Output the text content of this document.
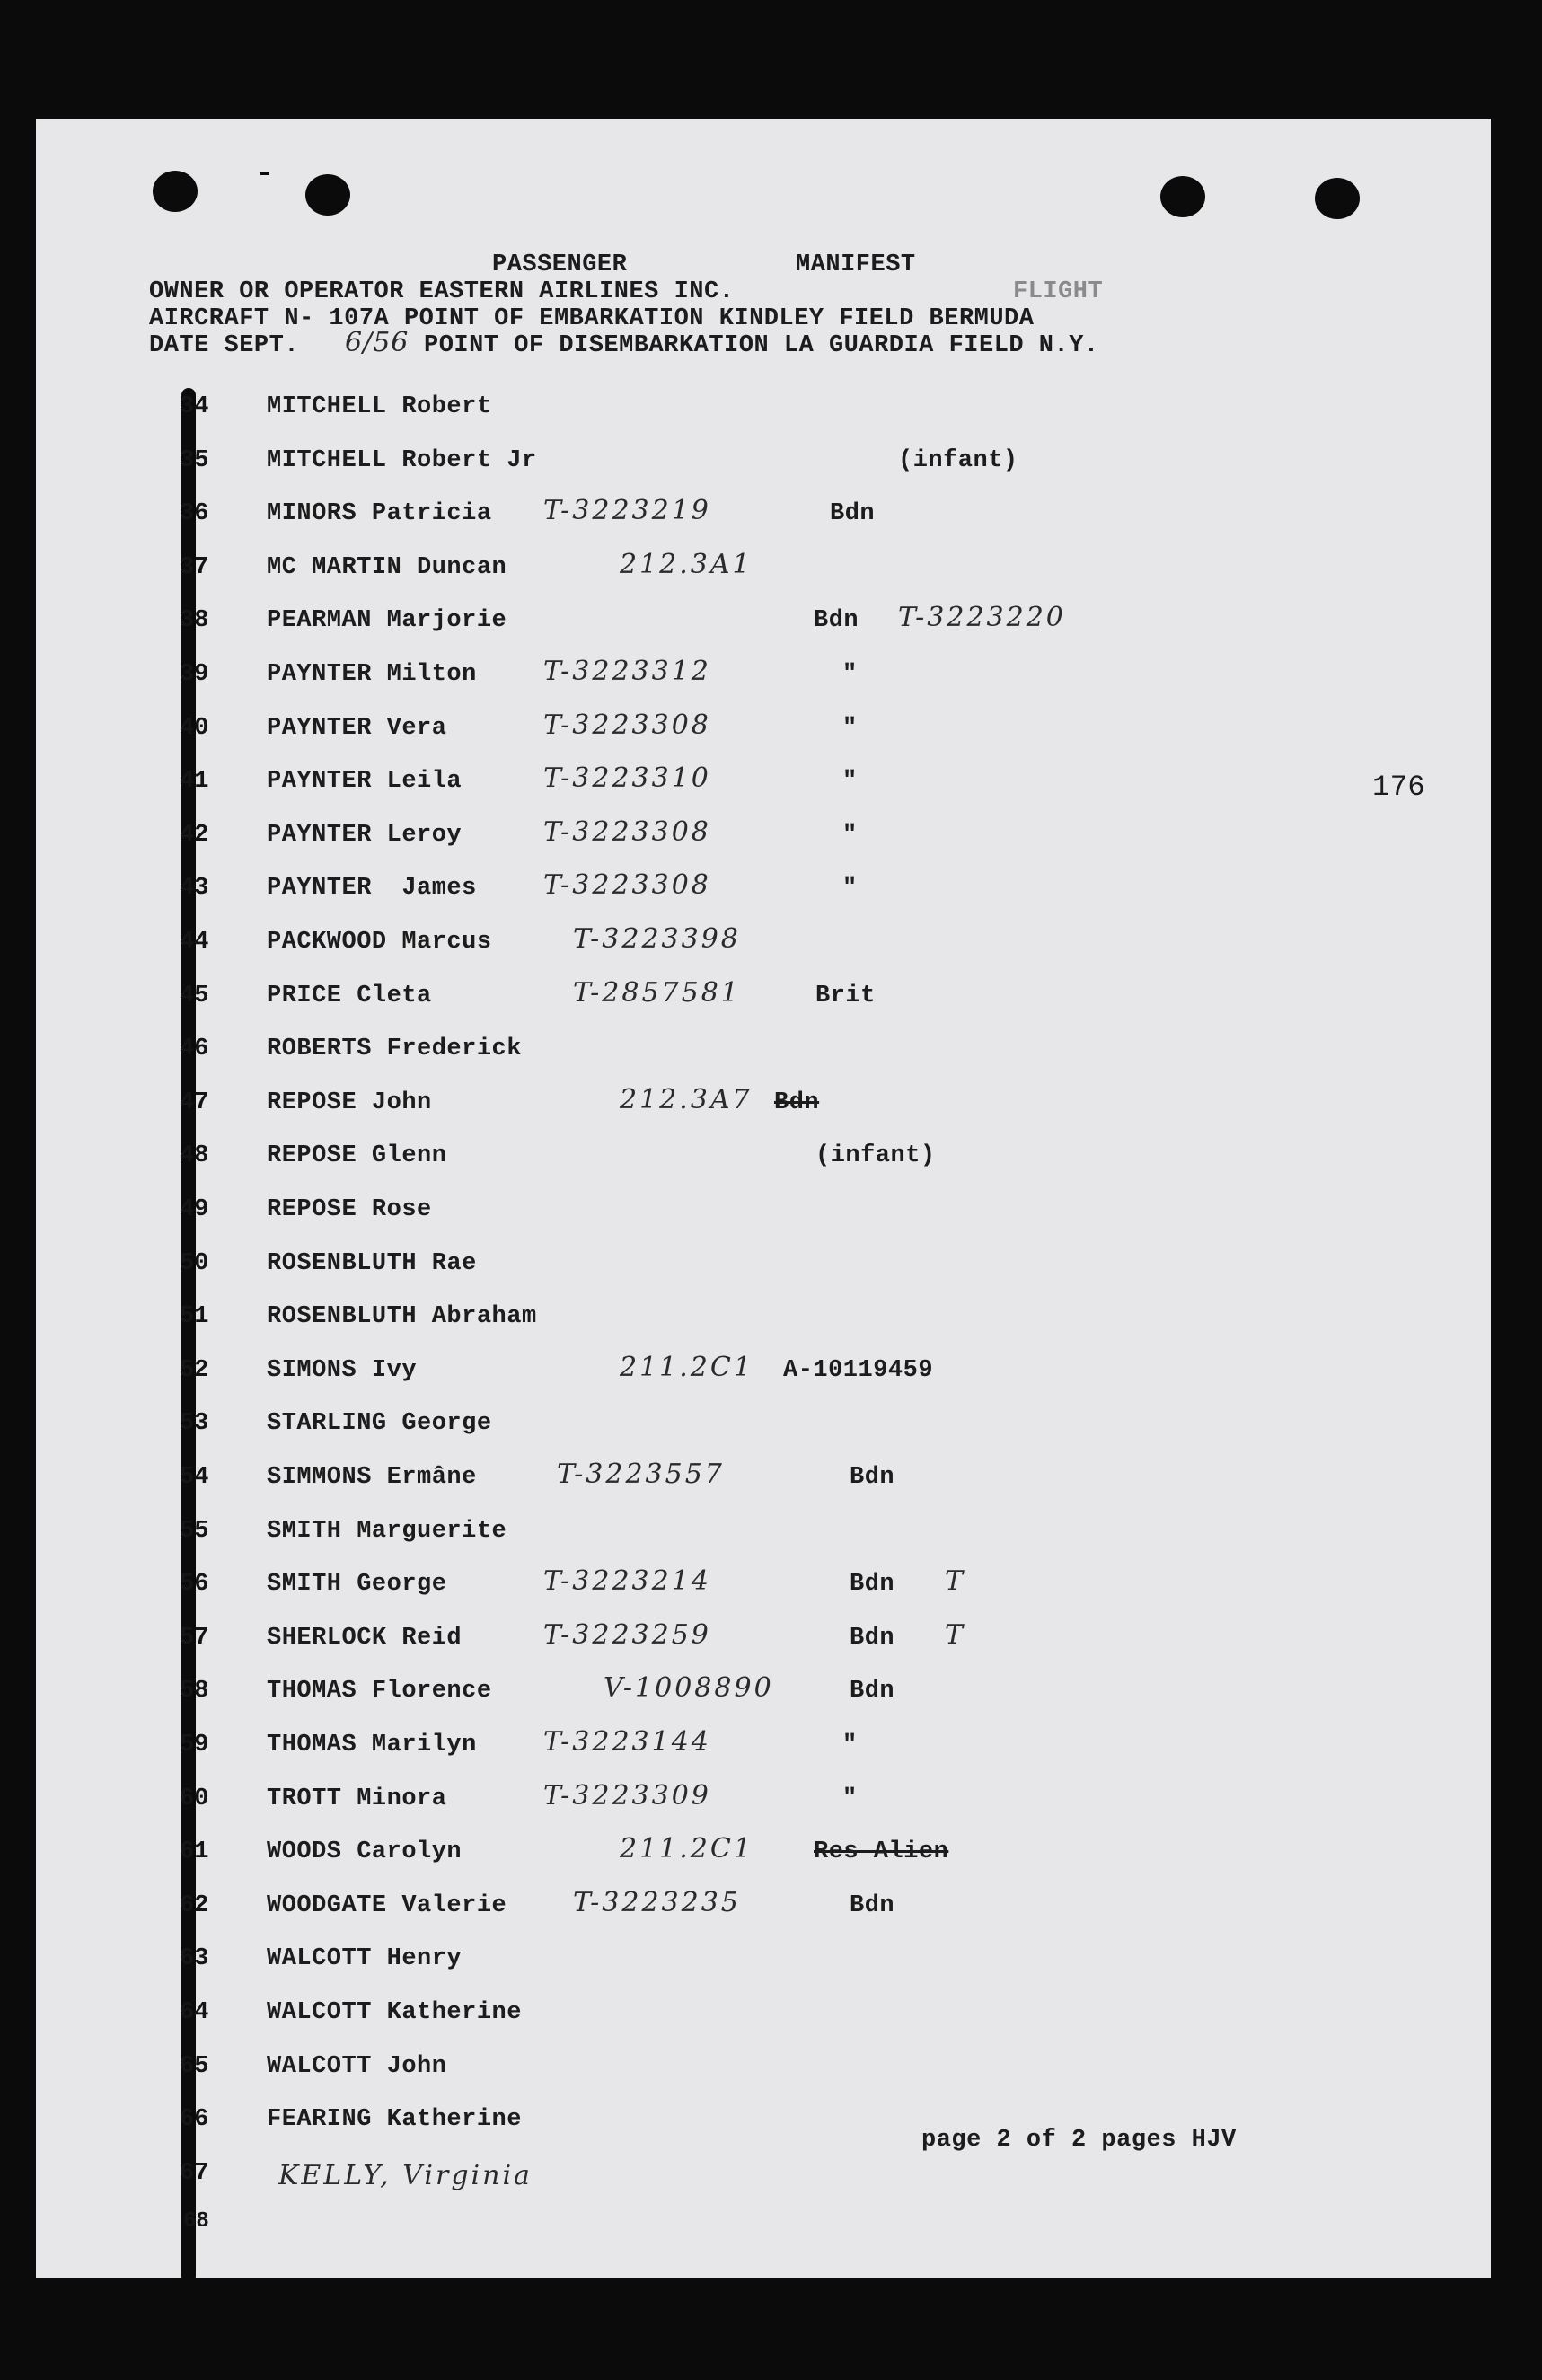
PASSENGER	MANIFEST
OWNER OR OPERATOR EASTERN AIRLINES INC.	FLIGHT
AIRCRAFT N- 107A POINT OF EMBARKATION KINDLEY FIELD BERMUDA
DATE SEPT. 6/56 POINT OF DISEMBARKATION LA GUARDIA FIELD N.Y.
176
34 MITCHELL Robert
35 MITCHELL Robert Jr	(infant)
36 MINORS Patricia T-3223219	Bdn
37 MC MARTIN Duncan	212.3A1
38 PEARMAN Marjorie	Bdn T-3223220
39 PAYNTER Milton T-3223312	"
40 PAYNTER Vera	T-3223308	"
41 PAYNTER Leila	T-3223310	"
42 PAYNTER Leroy	T-3223308	"
43 PAYNTER  James T-3223308	"
44 PACKWOOD Marcus	T-3223398
45 PRICE Cleta	T-2857581	Brit
46 ROBERTS Frederick
47 REPOSE John	212.3A7 Bdn
48 REPOSE Glenn	(infant)
49 REPOSE Rose
50 ROSENBLUTH Rae
51 ROSENBLUTH Abraham
52 SIMONS Ivy	211.2C1 A-10119459
53 STARLING George
54 SIMMONS Ermâne	T-3223557	Bdn
55 SMITH Marguerite
56 SMITH George	T-3223214	Bdn T
57 SHERLOCK Reid	T-3223259	Bdn T
58 THOMAS Florence	V-1008890	Bdn
59 THOMAS Marilyn T-3223144	"
60 TROTT Minora	T-3223309	"
61 WOODS Carolyn	211.2C1 Res Alien
62 WOODGATE Valerie T-3223235	Bdn
63 WALCOTT Henry
64 WALCOTT Katherine
65 WALCOTT John
66 FEARING Katherine
67	KELLY, Virginia
68
page 2 of 2 pages HJV
